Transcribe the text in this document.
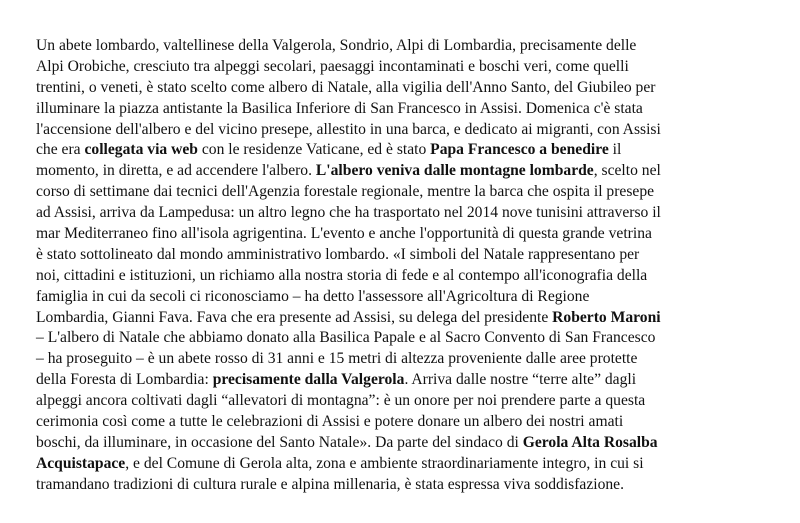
Un abete lombardo, valtellinese della Valgerola, Sondrio, Alpi di Lombardia, precisamente delle
Alpi Orobiche, cresciuto tra alpeggi secolari, paesaggi incontaminati e boschi veri, come quelli
trentini, o veneti, è stato scelto come albero di Natale, alla vigilia dell'Anno Santo, del Giubileo per
illuminare la piazza antistante la Basilica Inferiore di San Francesco in Assisi. Domenica c'è stata
l'accensione dell'albero e del vicino presepe, allestito in una barca, e dedicato ai migranti, con Assisi
che era collegata via web con le residenze Vaticane, ed è stato Papa Francesco a benedire il
momento, in diretta, e ad accendere l'albero. L'albero veniva dalle montagne lombarde, scelto nel
corso di settimane dai tecnici dell'Agenzia forestale regionale, mentre la barca che ospita il presepe
ad Assisi, arriva da Lampedusa: un altro legno che ha trasportato nel 2014 nove tunisini attraverso il
mar Mediterraneo fino all'isola agrigentina. L'evento e anche l'opportunità di questa grande vetrina
è stato sottolineato dal mondo amministrativo lombardo. «I simboli del Natale rappresentano per
noi, cittadini e istituzioni, un richiamo alla nostra storia di fede e al contempo all'iconografia della
famiglia in cui da secoli ci riconosciamo – ha detto l'assessore all'Agricoltura di Regione
Lombardia, Gianni Fava. Fava che era presente ad Assisi, su delega del presidente Roberto Maroni
– L'albero di Natale che abbiamo donato alla Basilica Papale e al Sacro Convento di San Francesco
– ha proseguito – è un abete rosso di 31 anni e 15 metri di altezza proveniente dalle aree protette
della Foresta di Lombardia: precisamente dalla Valgerola. Arriva dalle nostre “terre alte” dagli
alpeggi ancora coltivati dagli “allevatori di montagna”: è un onore per noi prendere parte a questa
cerimonia così come a tutte le celebrazioni di Assisi e potere donare un albero dei nostri amati
boschi, da illuminare, in occasione del Santo Natale». Da parte del sindaco di Gerola Alta Rosalba
Acquistapace, e del Comune di Gerola alta, zona e ambiente straordinariamente integro, in cui si
tramandano tradizioni di cultura rurale e alpina millenaria, è stata espressa viva soddisfazione.
